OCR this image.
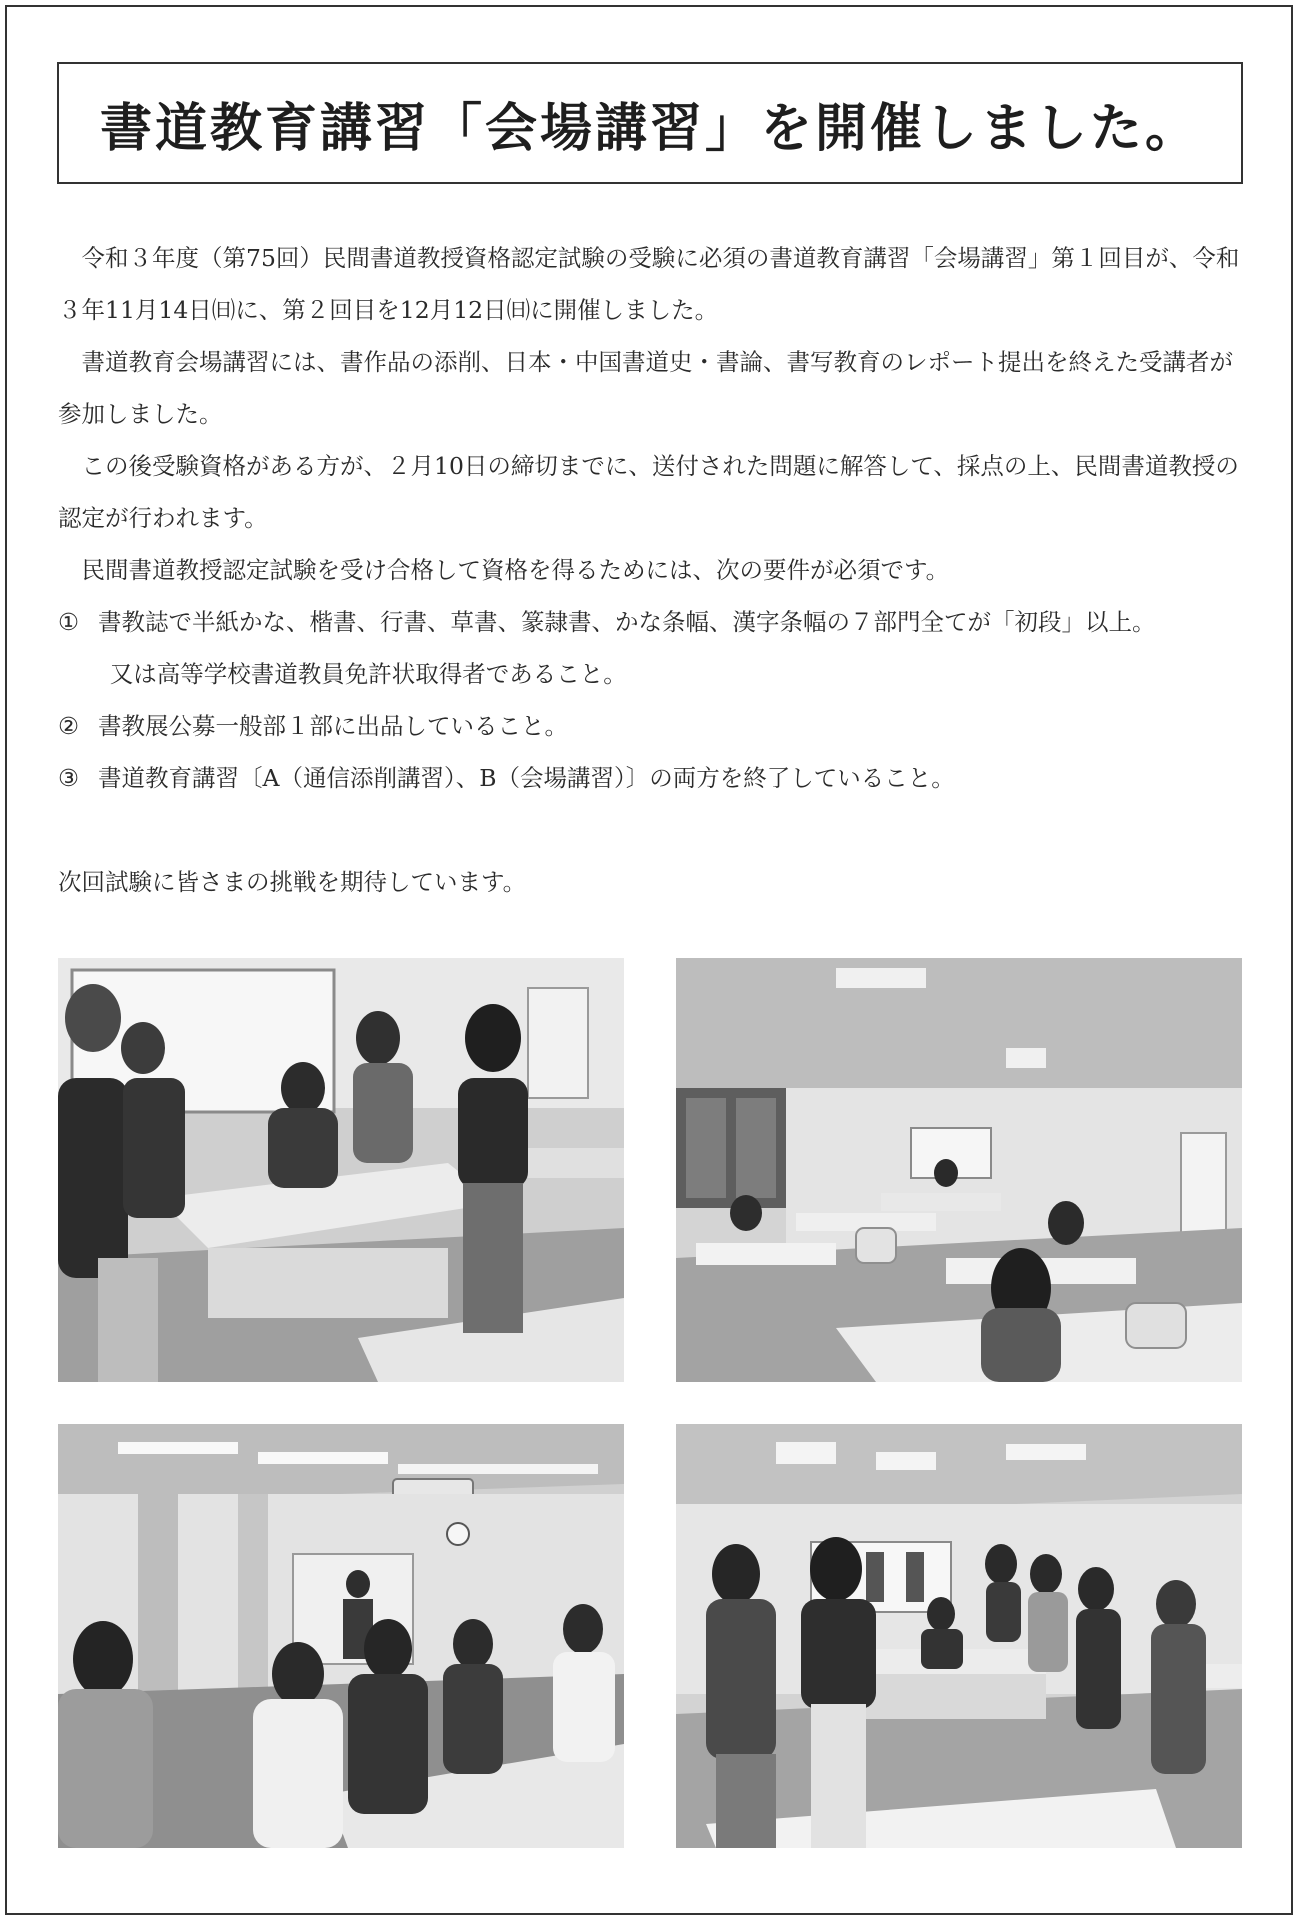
書道教育講習「会場講習」を開催しました。

令和３年度（第75回）民間書道教授資格認定試験の受験に必須の書道教育講習「会場講習」第１回目が、令和３年11月14日㈰に、第２回目を12月12日㈰に開催しました。

書道教育会場講習には、書作品の添削、日本・中国書道史・書論、書写教育のレポート提出を終えた受講者が参加しました。

この後受験資格がある方が、２月10日の締切までに、送付された問題に解答して、採点の上、民間書道教授の認定が行われます。

民間書道教授認定試験を受け合格して資格を得るためには、次の要件が必須です。

① 書教誌で半紙かな、楷書、行書、草書、篆隷書、かな条幅、漢字条幅の７部門全てが「初段」以上。

又は高等学校書道教員免許状取得者であること。

② 書教展公募一般部１部に出品していること。
③ 書道教育講習〔A（通信添削講習）、B（会場講習）〕の両方を終了していること。

次回試験に皆さまの挑戦を期待しています。
